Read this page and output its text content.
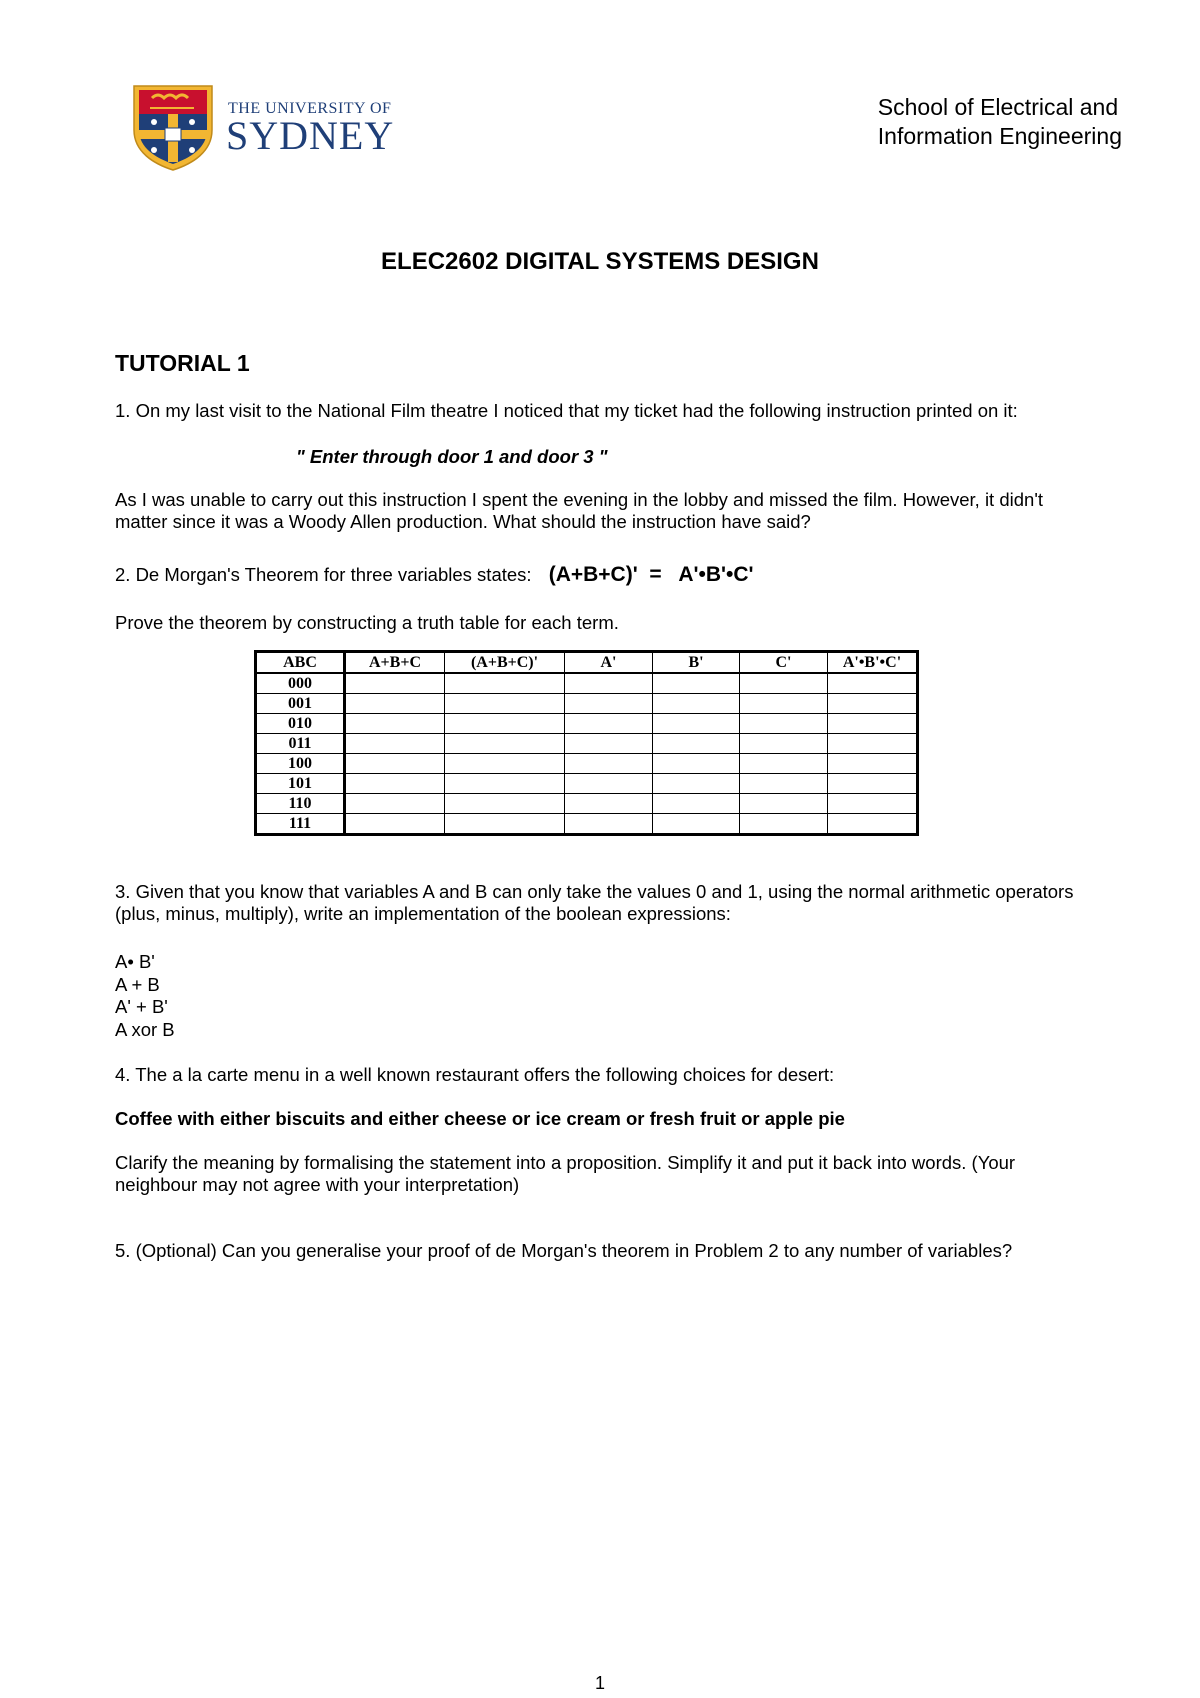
THE UNIVERSITY OF
SYDNEY
School of Electrical and
Information Engineering
ELEC2602 DIGITAL SYSTEMS DESIGN
TUTORIAL 1
1. On my last visit to the National Film theatre I noticed that my ticket had the following instruction printed on it:
" Enter through door 1 and door 3 "
As I was unable to carry out this instruction I spent the evening in the lobby and missed the film. However, it didn't matter since it was a Woody Allen production. What should the instruction have said?
2. De Morgan's Theorem for three variables states: (A+B+C)'  =   A'•B'•C'
Prove the theorem by constructing a truth table for each term.
ABC	A+B+C	(A+B+C)'	A'	B'	C'	A'•B'•C'
000						
001						
010						
011						
100						
101						
110						
111						
3. Given that you know that variables A and B can only take the values 0 and 1, using the normal arithmetic operators (plus, minus, multiply), write an implementation of the boolean expressions:
A• B'
A + B
A' + B'
A xor B
4. The a la carte menu in a well known restaurant offers the following choices for desert:
Coffee with either biscuits and either cheese or ice cream or fresh fruit or apple pie
Clarify the meaning by formalising the statement into a proposition. Simplify it and put it back into words. (Your neighbour may not agree with your interpretation)
5. (Optional) Can you generalise your proof of de Morgan's theorem in Problem 2 to any number of variables?
1
